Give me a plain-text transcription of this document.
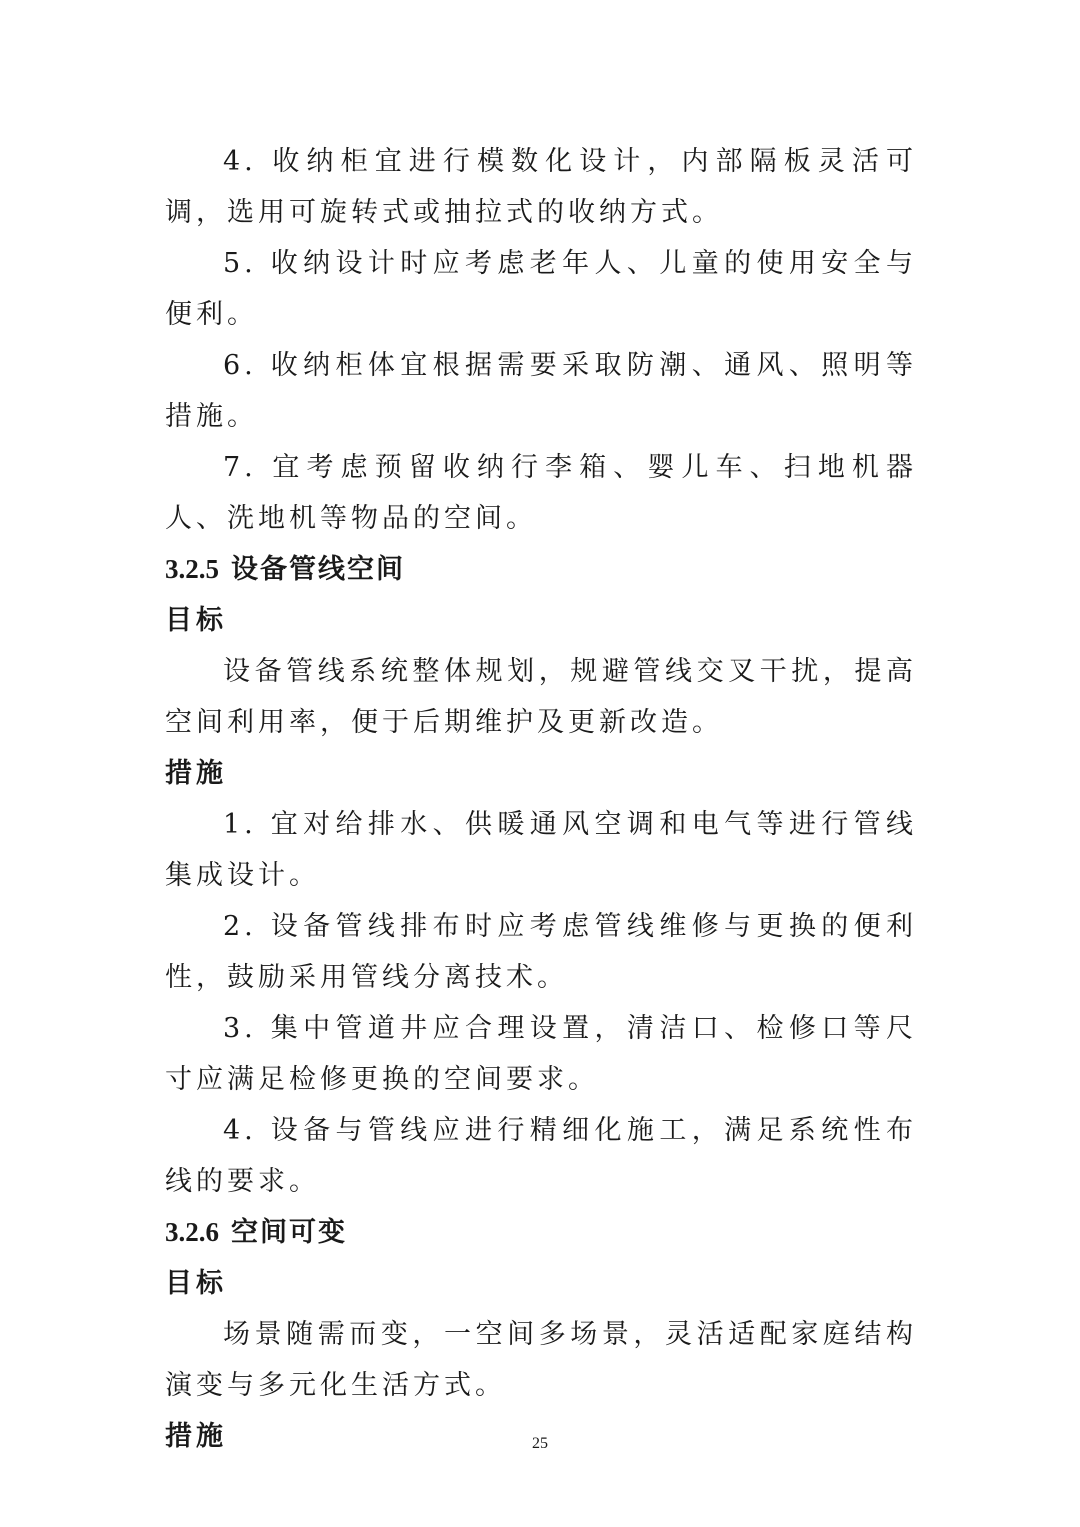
4. 收纳柜宜进行模数化设计，内部隔板灵活可调，选用可旋转式或抽拉式的收纳方式。

5. 收纳设计时应考虑老年人、儿童的使用安全与便利。

6. 收纳柜体宜根据需要采取防潮、通风、照明等措施。

7. 宜考虑预留收纳行李箱、婴儿车、扫地机器人、洗地机等物品的空间。

3.2.5 设备管线空间

目标

设备管线系统整体规划，规避管线交叉干扰，提高空间利用率，便于后期维护及更新改造。

措施

1. 宜对给排水、供暖通风空调和电气等进行管线集成设计。

2. 设备管线排布时应考虑管线维修与更换的便利性，鼓励采用管线分离技术。

3. 集中管道井应合理设置，清洁口、检修口等尺寸应满足检修更换的空间要求。

4. 设备与管线应进行精细化施工，满足系统性布线的要求。

3.2.6 空间可变

目标

场景随需而变，一空间多场景，灵活适配家庭结构演变与多元化生活方式。

措施	25
